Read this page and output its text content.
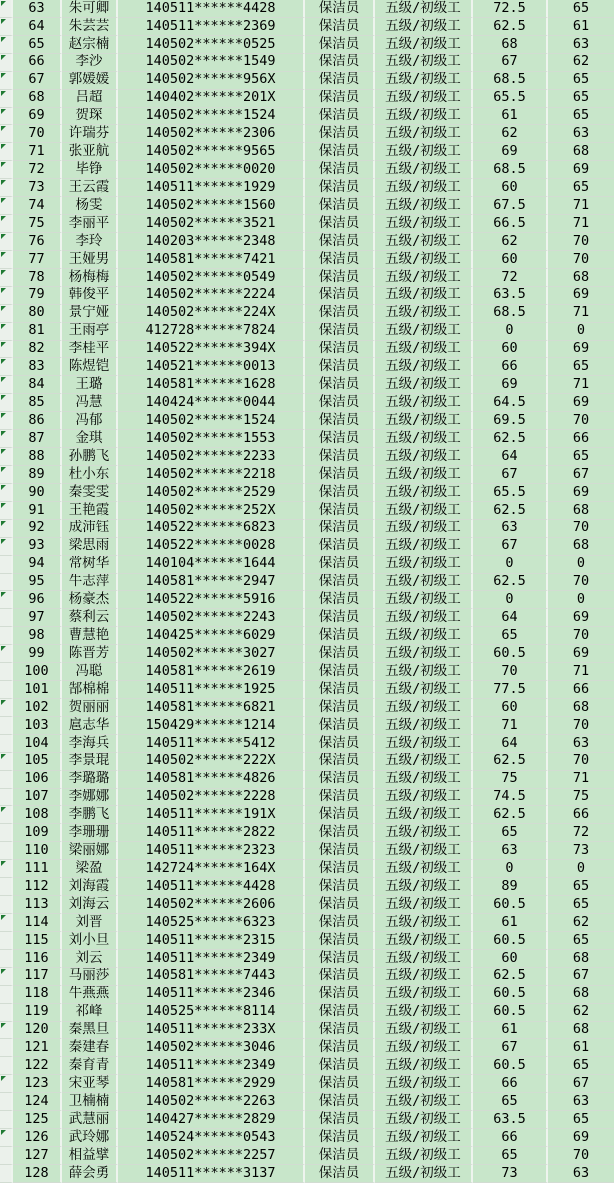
63	朱可卿	140511******4428	保洁员	五级/初级工	72.5	65
64	朱芸芸	140511******2369	保洁员	五级/初级工	62.5	61
65	赵宗楠	140502******0525	保洁员	五级/初级工	68	63
66	李沙	140502******1549	保洁员	五级/初级工	67	62
67	郭媛媛	140502******956X	保洁员	五级/初级工	68.5	65
68	吕超	140402******201X	保洁员	五级/初级工	65.5	65
69	贺琛	140502******1524	保洁员	五级/初级工	61	65
70	许瑞芬	140502******2306	保洁员	五级/初级工	62	63
71	张亚航	140502******9565	保洁员	五级/初级工	69	68
72	毕铮	140502******0020	保洁员	五级/初级工	68.5	69
73	王云霞	140511******1929	保洁员	五级/初级工	60	65
74	杨雯	140502******1560	保洁员	五级/初级工	67.5	71
75	李丽平	140502******3521	保洁员	五级/初级工	66.5	71
76	李玲	140203******2348	保洁员	五级/初级工	62	70
77	王娅男	140581******7421	保洁员	五级/初级工	60	70
78	杨梅梅	140502******0549	保洁员	五级/初级工	72	68
79	韩俊平	140502******2224	保洁员	五级/初级工	63.5	69
80	景宁娅	140502******224X	保洁员	五级/初级工	68.5	71
81	王雨亭	412728******7824	保洁员	五级/初级工	0	0
82	李桂平	140522******394X	保洁员	五级/初级工	60	69
83	陈煜铠	140521******0013	保洁员	五级/初级工	66	65
84	王璐	140581******1628	保洁员	五级/初级工	69	71
85	冯慧	140424******0044	保洁员	五级/初级工	64.5	69
86	冯郁	140502******1524	保洁员	五级/初级工	69.5	70
87	金琪	140502******1553	保洁员	五级/初级工	62.5	66
88	孙鹏飞	140502******2233	保洁员	五级/初级工	64	65
89	杜小东	140502******2218	保洁员	五级/初级工	67	67
90	秦雯雯	140502******2529	保洁员	五级/初级工	65.5	69
91	王艳霞	140502******252X	保洁员	五级/初级工	62.5	68
92	成沛钰	140522******6823	保洁员	五级/初级工	63	70
93	梁思雨	140522******0028	保洁员	五级/初级工	67	68
94	常树华	140104******1644	保洁员	五级/初级工	0	0
95	牛志萍	140581******2947	保洁员	五级/初级工	62.5	70
96	杨豪杰	140522******5916	保洁员	五级/初级工	0	0
97	蔡利云	140502******2243	保洁员	五级/初级工	64	69
98	曹慧艳	140425******6029	保洁员	五级/初级工	65	70
99	陈晋芳	140502******3027	保洁员	五级/初级工	60.5	69
100	冯聪	140581******2619	保洁员	五级/初级工	70	71
101	郜棉棉	140511******1925	保洁员	五级/初级工	77.5	66
102	贺丽丽	140581******6821	保洁员	五级/初级工	60	68
103	扈志华	150429******1214	保洁员	五级/初级工	71	70
104	李海兵	140511******5412	保洁员	五级/初级工	64	63
105	李景琨	140502******222X	保洁员	五级/初级工	62.5	70
106	李璐璐	140581******4826	保洁员	五级/初级工	75	71
107	李娜娜	140502******2228	保洁员	五级/初级工	74.5	75
108	李鹏飞	140511******191X	保洁员	五级/初级工	62.5	66
109	李珊珊	140511******2822	保洁员	五级/初级工	65	72
110	梁丽娜	140511******2323	保洁员	五级/初级工	63	73
111	梁盈	142724******164X	保洁员	五级/初级工	0	0
112	刘海霞	140511******4428	保洁员	五级/初级工	89	65
113	刘海云	140502******2606	保洁员	五级/初级工	60.5	65
114	刘晋	140525******6323	保洁员	五级/初级工	61	62
115	刘小旦	140511******2315	保洁员	五级/初级工	60.5	65
116	刘云	140511******2349	保洁员	五级/初级工	60	68
117	马丽莎	140581******7443	保洁员	五级/初级工	62.5	67
118	牛燕燕	140511******2346	保洁员	五级/初级工	60.5	68
119	祁峰	140525******8114	保洁员	五级/初级工	60.5	62
120	秦黑旦	140511******233X	保洁员	五级/初级工	61	68
121	秦建春	140502******3046	保洁员	五级/初级工	67	61
122	秦育青	140511******2349	保洁员	五级/初级工	60.5	65
123	宋亚琴	140581******2929	保洁员	五级/初级工	66	67
124	卫楠楠	140502******2263	保洁员	五级/初级工	65	63
125	武慧丽	140427******2829	保洁员	五级/初级工	63.5	65
126	武玲娜	140524******0543	保洁员	五级/初级工	66	69
127	相益擘	140502******2257	保洁员	五级/初级工	65	70
128	薛会勇	140511******3137	保洁员	五级/初级工	73	63
